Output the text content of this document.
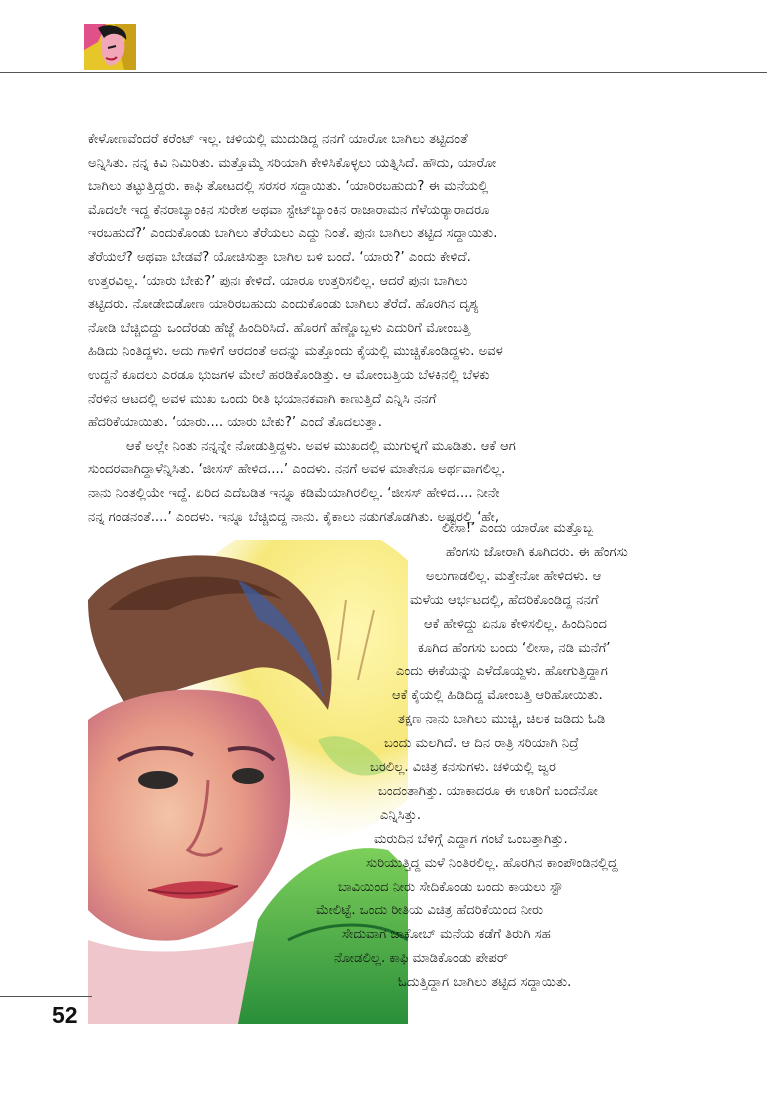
ಕೇಳೋಣವೆಂದರೆ ಕರೆಂಟ್ ಇಲ್ಲ. ಚಳಿಯಲ್ಲಿ ಮುದುಡಿದ್ದ ನನಗೆ ಯಾರೋ ಬಾಗಿಲು ತಟ್ಟಿದಂತೆ
ಅನ್ನಿಸಿತು. ನನ್ನ ಕಿವಿ ನಿಮಿರಿತು. ಮತ್ತೊಮ್ಮೆ ಸರಿಯಾಗಿ ಕೇಳಿಸಿಕೊಳ್ಳಲು ಯತ್ನಿಸಿದೆ. ಹೌದು, ಯಾರೋ
ಬಾಗಿಲು ತಟ್ಟುತ್ತಿದ್ದರು. ಕಾಫಿ ತೋಟದಲ್ಲಿ ಸರಸರ ಸದ್ದಾಯಿತು. ‘ಯಾರಿರಬಹುದು? ಈ ಮನೆಯಲ್ಲಿ
ಮೊದಲೇ ಇದ್ದ ಕೆನರಾಬ್ಯಾಂಕಿನ ಸುರೇಶ ಅಥವಾ ಸ್ಟೇಟ್‌ಬ್ಯಾಂಕಿನ ರಾಜಾರಾಮನ ಗೆಳೆಯರ‍್ಯಾರಾದರೂ
ಇರಬಹುದೆ?’ ಎಂದುಕೊಂಡು ಬಾಗಿಲು ತೆರೆಯಲು ಎದ್ದು ನಿಂತೆ. ಪುನಃ ಬಾಗಿಲು ತಟ್ಟಿದ ಸದ್ದಾಯಿತು.
ತೆರೆಯಲೆ? ಅಥವಾ ಬೇಡವೆ? ಯೋಚಿಸುತ್ತಾ ಬಾಗಿಲ ಬಳಿ ಬಂದೆ. ‘ಯಾರು?’ ಎಂದು ಕೇಳಿದೆ.
ಉತ್ತರವಿಲ್ಲ. ‘ಯಾರು ಬೇಕು?’ ಪುನಃ ಕೇಳಿದೆ. ಯಾರೂ ಉತ್ತರಿಸಲಿಲ್ಲ. ಆದರೆ ಪುನಃ ಬಾಗಿಲು
ತಟ್ಟಿದರು. ನೋಡೇಬಿಡೋಣ ಯಾರಿರಬಹುದು ಎಂದುಕೊಂಡು ಬಾಗಿಲು ತೆರೆದೆ. ಹೊರಗಿನ ದೃಶ್ಯ
ನೋಡಿ ಬೆಚ್ಚಿಬಿದ್ದು ಒಂದೆರಡು ಹೆಜ್ಜೆ ಹಿಂದಿರಿಸಿದೆ. ಹೊರಗೆ ಹೆಣ್ಣೊಬ್ಬಳು ಎದುರಿಗೆ ಮೋಂಬತ್ತಿ
ಹಿಡಿದು ನಿಂತಿದ್ದಳು. ಅದು ಗಾಳಿಗೆ ಆರದಂತೆ ಅದನ್ನು ಮತ್ತೊಂದು ಕೈಯಲ್ಲಿ ಮುಚ್ಚಿಕೊಂಡಿದ್ದಳು. ಅವಳ
ಉದ್ದನೆ ಕೂದಲು ಎರಡೂ ಭುಜಗಳ ಮೇಲೆ ಹರಡಿಕೊಂಡಿತ್ತು. ಆ ಮೋಂಬತ್ತಿಯ ಬೆಳಕಿನಲ್ಲಿ ಬೆಳಕು
ನೆರಳಿನ ಆಟದಲ್ಲಿ ಅವಳ ಮುಖ ಒಂದು ರೀತಿ ಭಯಾನಕವಾಗಿ ಕಾಣುತ್ತಿದೆ ಎನ್ನಿಸಿ ನನಗೆ
ಹೆದರಿಕೆಯಾಯಿತು. ‘ಯಾರು.... ಯಾರು ಬೇಕು?’ ಎಂದೆ ತೊದಲುತ್ತಾ.
ಆಕೆ ಅಲ್ಲೇ ನಿಂತು ನನ್ನನ್ನೇ ನೋಡುತ್ತಿದ್ದಳು. ಅವಳ ಮುಖದಲ್ಲಿ ಮುಗುಳ್ನಗೆ ಮೂಡಿತು. ಆಕೆ ಆಗ
ಸುಂದರವಾಗಿದ್ದಾಳೆನ್ನಿಸಿತು. ‘ಜೀಸಸ್ ಹೇಳಿದ....’ ಎಂದಳು. ನನಗೆ ಅವಳ ಮಾತೇನೂ ಅರ್ಥವಾಗಲಿಲ್ಲ.
ನಾನು ನಿಂತಲ್ಲಿಯೇ ಇದ್ದೆ. ಏರಿದ ಎದೆಬಡಿತ ಇನ್ನೂ ಕಡಿಮೆಯಾಗಿರಲಿಲ್ಲ. ‘ಜೀಸಸ್ ಹೇಳಿದ.... ನೀನೇ
ನನ್ನ ಗಂಡನಂತೆ....’ ಎಂದಳು. ಇನ್ನೂ ಬೆಚ್ಚಿಬಿದ್ದ ನಾನು. ಕೈಕಾಲು ನಡುಗತೊಡಗಿತು. ಅಷ್ಟರಲ್ಲಿ ‘ಹೇ,
ಲೀಸಾ!’ ಎಂದು ಯಾರೋ ಮತ್ತೊಬ್ಬ
ಹೆಂಗಸು ಜೋರಾಗಿ ಕೂಗಿದರು. ಈ ಹೆಂಗಸು
ಅಲುಗಾಡಲಿಲ್ಲ. ಮತ್ತೇನೋ ಹೇಳಿದಳು. ಆ
ಮಳೆಯ ಆರ್ಭಟದಲ್ಲಿ, ಹೆದರಿಕೊಂಡಿದ್ದ ನನಗೆ
ಆಕೆ ಹೇಳಿದ್ದು ಏನೂ ಕೇಳಿಸಲಿಲ್ಲ. ಹಿಂದಿನಿಂದ
ಕೂಗಿದ ಹೆಂಗಸು ಬಂದು ‘ಲೀಸಾ, ನಡಿ ಮನೆಗೆ’
ಎಂದು ಈಕೆಯನ್ನು ಎಳೆದೊಯ್ದಳು. ಹೋಗುತ್ತಿದ್ದಾಗ
ಆಕೆ ಕೈಯಲ್ಲಿ ಹಿಡಿದಿದ್ದ ಮೋಂಬತ್ತಿ ಆರಿಹೋಯಿತು.
ತಕ್ಷಣ ನಾನು ಬಾಗಿಲು ಮುಚ್ಚಿ, ಚಿಲಕ ಜಡಿದು ಓಡಿ
ಬಂದು ಮಲಗಿದೆ. ಆ ದಿನ ರಾತ್ರಿ ಸರಿಯಾಗಿ ನಿದ್ರೆ
ಬರಲಿಲ್ಲ. ವಿಚಿತ್ರ ಕನಸುಗಳು. ಚಳಿಯಲ್ಲಿ ಜ್ವರ
ಬಂದಂತಾಗಿತ್ತು. ಯಾಕಾದರೂ ಈ ಊರಿಗೆ ಬಂದೆನೋ
ಎನ್ನಿಸಿತ್ತು.
ಮರುದಿನ ಬೆಳಿಗ್ಗೆ ಎದ್ದಾಗ ಗಂಟೆ ಒಂಬತ್ತಾಗಿತ್ತು.
ಸುರಿಯುತ್ತಿದ್ದ ಮಳೆ ನಿಂತಿರಲಿಲ್ಲ. ಹೊರಗಿನ ಕಾಂಪೌಂಡಿನಲ್ಲಿದ್ದ
ಬಾವಿಯಿಂದ ನೀರು ಸೇದಿಕೊಂಡು ಬಂದು ಕಾಯಲು ಸ್ಟೌ
ಮೇಲಿಟ್ಟೆ. ಒಂದು ರೀತಿಯ ವಿಚಿತ್ರ ಹೆದರಿಕೆಯಿಂದ ನೀರು
ಸೇದುವಾಗ ಜಾಕೋಬ್ ಮನೆಯ ಕಡೆಗೆ ತಿರುಗಿ ಸಹ
ನೋಡಲಿಲ್ಲ. ಕಾಫಿ ಮಾಡಿಕೊಂಡು ಪೇಪರ್
ಓದುತ್ತಿದ್ದಾಗ ಬಾಗಿಲು ತಟ್ಟಿದ ಸದ್ದಾಯಿತು.
52
